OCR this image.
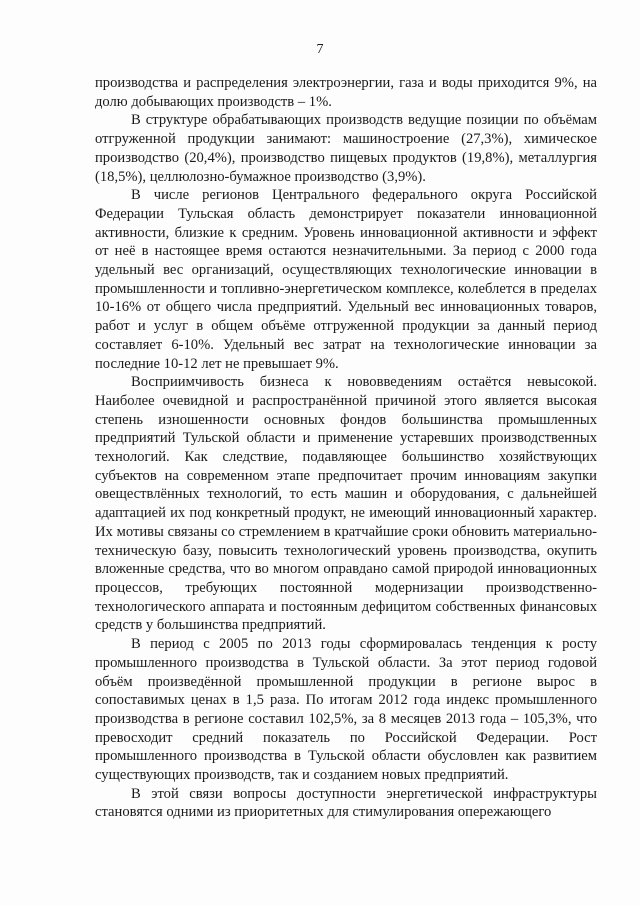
7

производства и распределения электроэнергии, газа и воды приходится 9%, на долю добывающих производств – 1%.

В структуре обрабатывающих производств ведущие позиции по объёмам отгруженной продукции занимают: машиностроение (27,3%), химическое производство (20,4%), производство пищевых продуктов (19,8%), металлургия (18,5%), целлюлозно-бумажное производство (3,9%).

В числе регионов Центрального федерального округа Российской Федерации Тульская область демонстрирует показатели инновационной активности, близкие к средним. Уровень инновационной активности и эффект от неё в настоящее время остаются незначительными. За период с 2000 года удельный вес организаций, осуществляющих технологические инновации в промышленности и топливно-энергетическом комплексе, колеблется в пределах 10-16% от общего числа предприятий. Удельный вес инновационных товаров, работ и услуг в общем объёме отгруженной продукции за данный период составляет 6-10%. Удельный вес затрат на технологические инновации за последние 10-12 лет не превышает 9%.

Восприимчивость бизнеса к нововведениям остаётся невысокой. Наиболее очевидной и распространённой причиной этого является высокая степень изношенности основных фондов большинства промышленных предприятий Тульской области и применение устаревших производственных технологий. Как следствие, подавляющее большинство хозяйствующих субъектов на современном этапе предпочитает прочим инновациям закупки овеществлённых технологий, то есть машин и оборудования, с дальнейшей адаптацией их под конкретный продукт, не имеющий инновационный характер. Их мотивы связаны со стремлением в кратчайшие сроки обновить материально-техническую базу, повысить технологический уровень производства, окупить вложенные средства, что во многом оправдано самой природой инновационных процессов, требующих постоянной модернизации производственно-технологического аппарата и постоянным дефицитом собственных финансовых средств у большинства предприятий.

В период с 2005 по 2013 годы сформировалась тенденция к росту промышленного производства в Тульской области. За этот период годовой объём произведённой промышленной продукции в регионе вырос в сопоставимых ценах в 1,5 раза. По итогам 2012 года индекс промышленного производства в регионе составил 102,5%, за 8 месяцев 2013 года – 105,3%, что превосходит средний показатель по Российской Федерации. Рост промышленного производства в Тульской области обусловлен как развитием существующих производств, так и созданием новых предприятий.

В этой связи вопросы доступности энергетической инфраструктуры становятся одними из приоритетных для стимулирования опережающего
